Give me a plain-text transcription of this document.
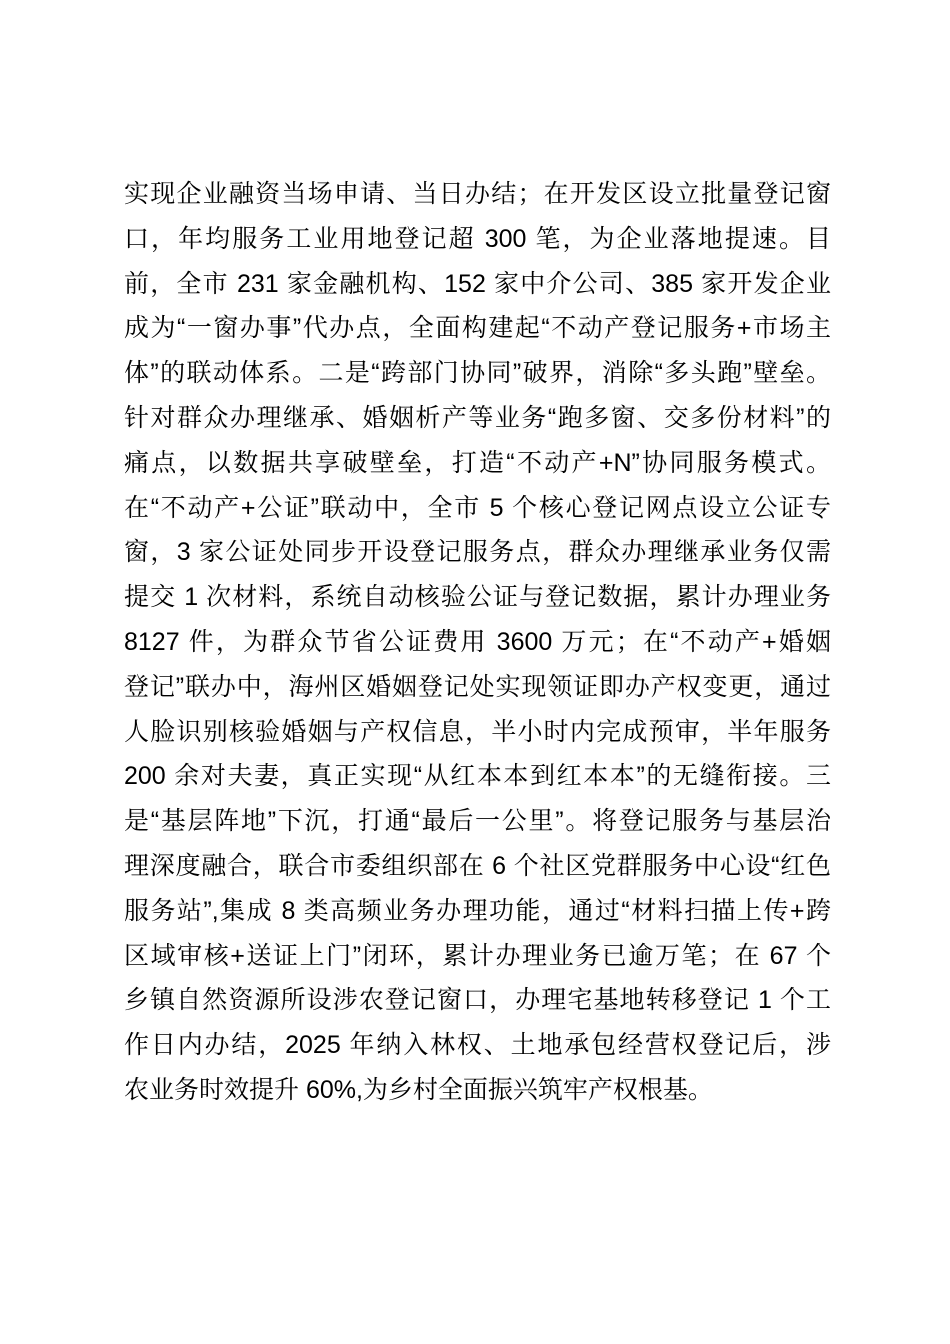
实现企业融资当场申请、当日办结；在开发区设立批量登记窗
口，年均服务工业用地登记超 300 笔，为企业落地提速。目
前，全市 231 家金融机构、152 家中介公司、385 家开发企业
成为“一窗办事”代办点，全面构建起“不动产登记服务+市场主
体”的联动体系。二是“跨部门协同”破界，消除“多头跑”壁垒。
针对群众办理继承、婚姻析产等业务“跑多窗、交多份材料”的
痛点，以数据共享破壁垒，打造“不动产+N”协同服务模式。
在“不动产+公证”联动中，全市 5 个核心登记网点设立公证专
窗，3 家公证处同步开设登记服务点，群众办理继承业务仅需
提交 1 次材料，系统自动核验公证与登记数据，累计办理业务
8127 件，为群众节省公证费用 3600 万元；在“不动产+婚姻
登记”联办中，海州区婚姻登记处实现领证即办产权变更，通过
人脸识别核验婚姻与产权信息，半小时内完成预审，半年服务
200 余对夫妻，真正实现“从红本本到红本本”的无缝衔接。三
是“基层阵地”下沉，打通“最后一公里”。将登记服务与基层治
理深度融合，联合市委组织部在 6 个社区党群服务中心设“红色
服务站”,集成 8 类高频业务办理功能，通过“材料扫描上传+跨
区域审核+送证上门”闭环，累计办理业务已逾万笔；在 67 个
乡镇自然资源所设涉农登记窗口，办理宅基地转移登记 1 个工
作日内办结，2025 年纳入林权、土地承包经营权登记后，涉
农业务时效提升 60%,为乡村全面振兴筑牢产权根基。
